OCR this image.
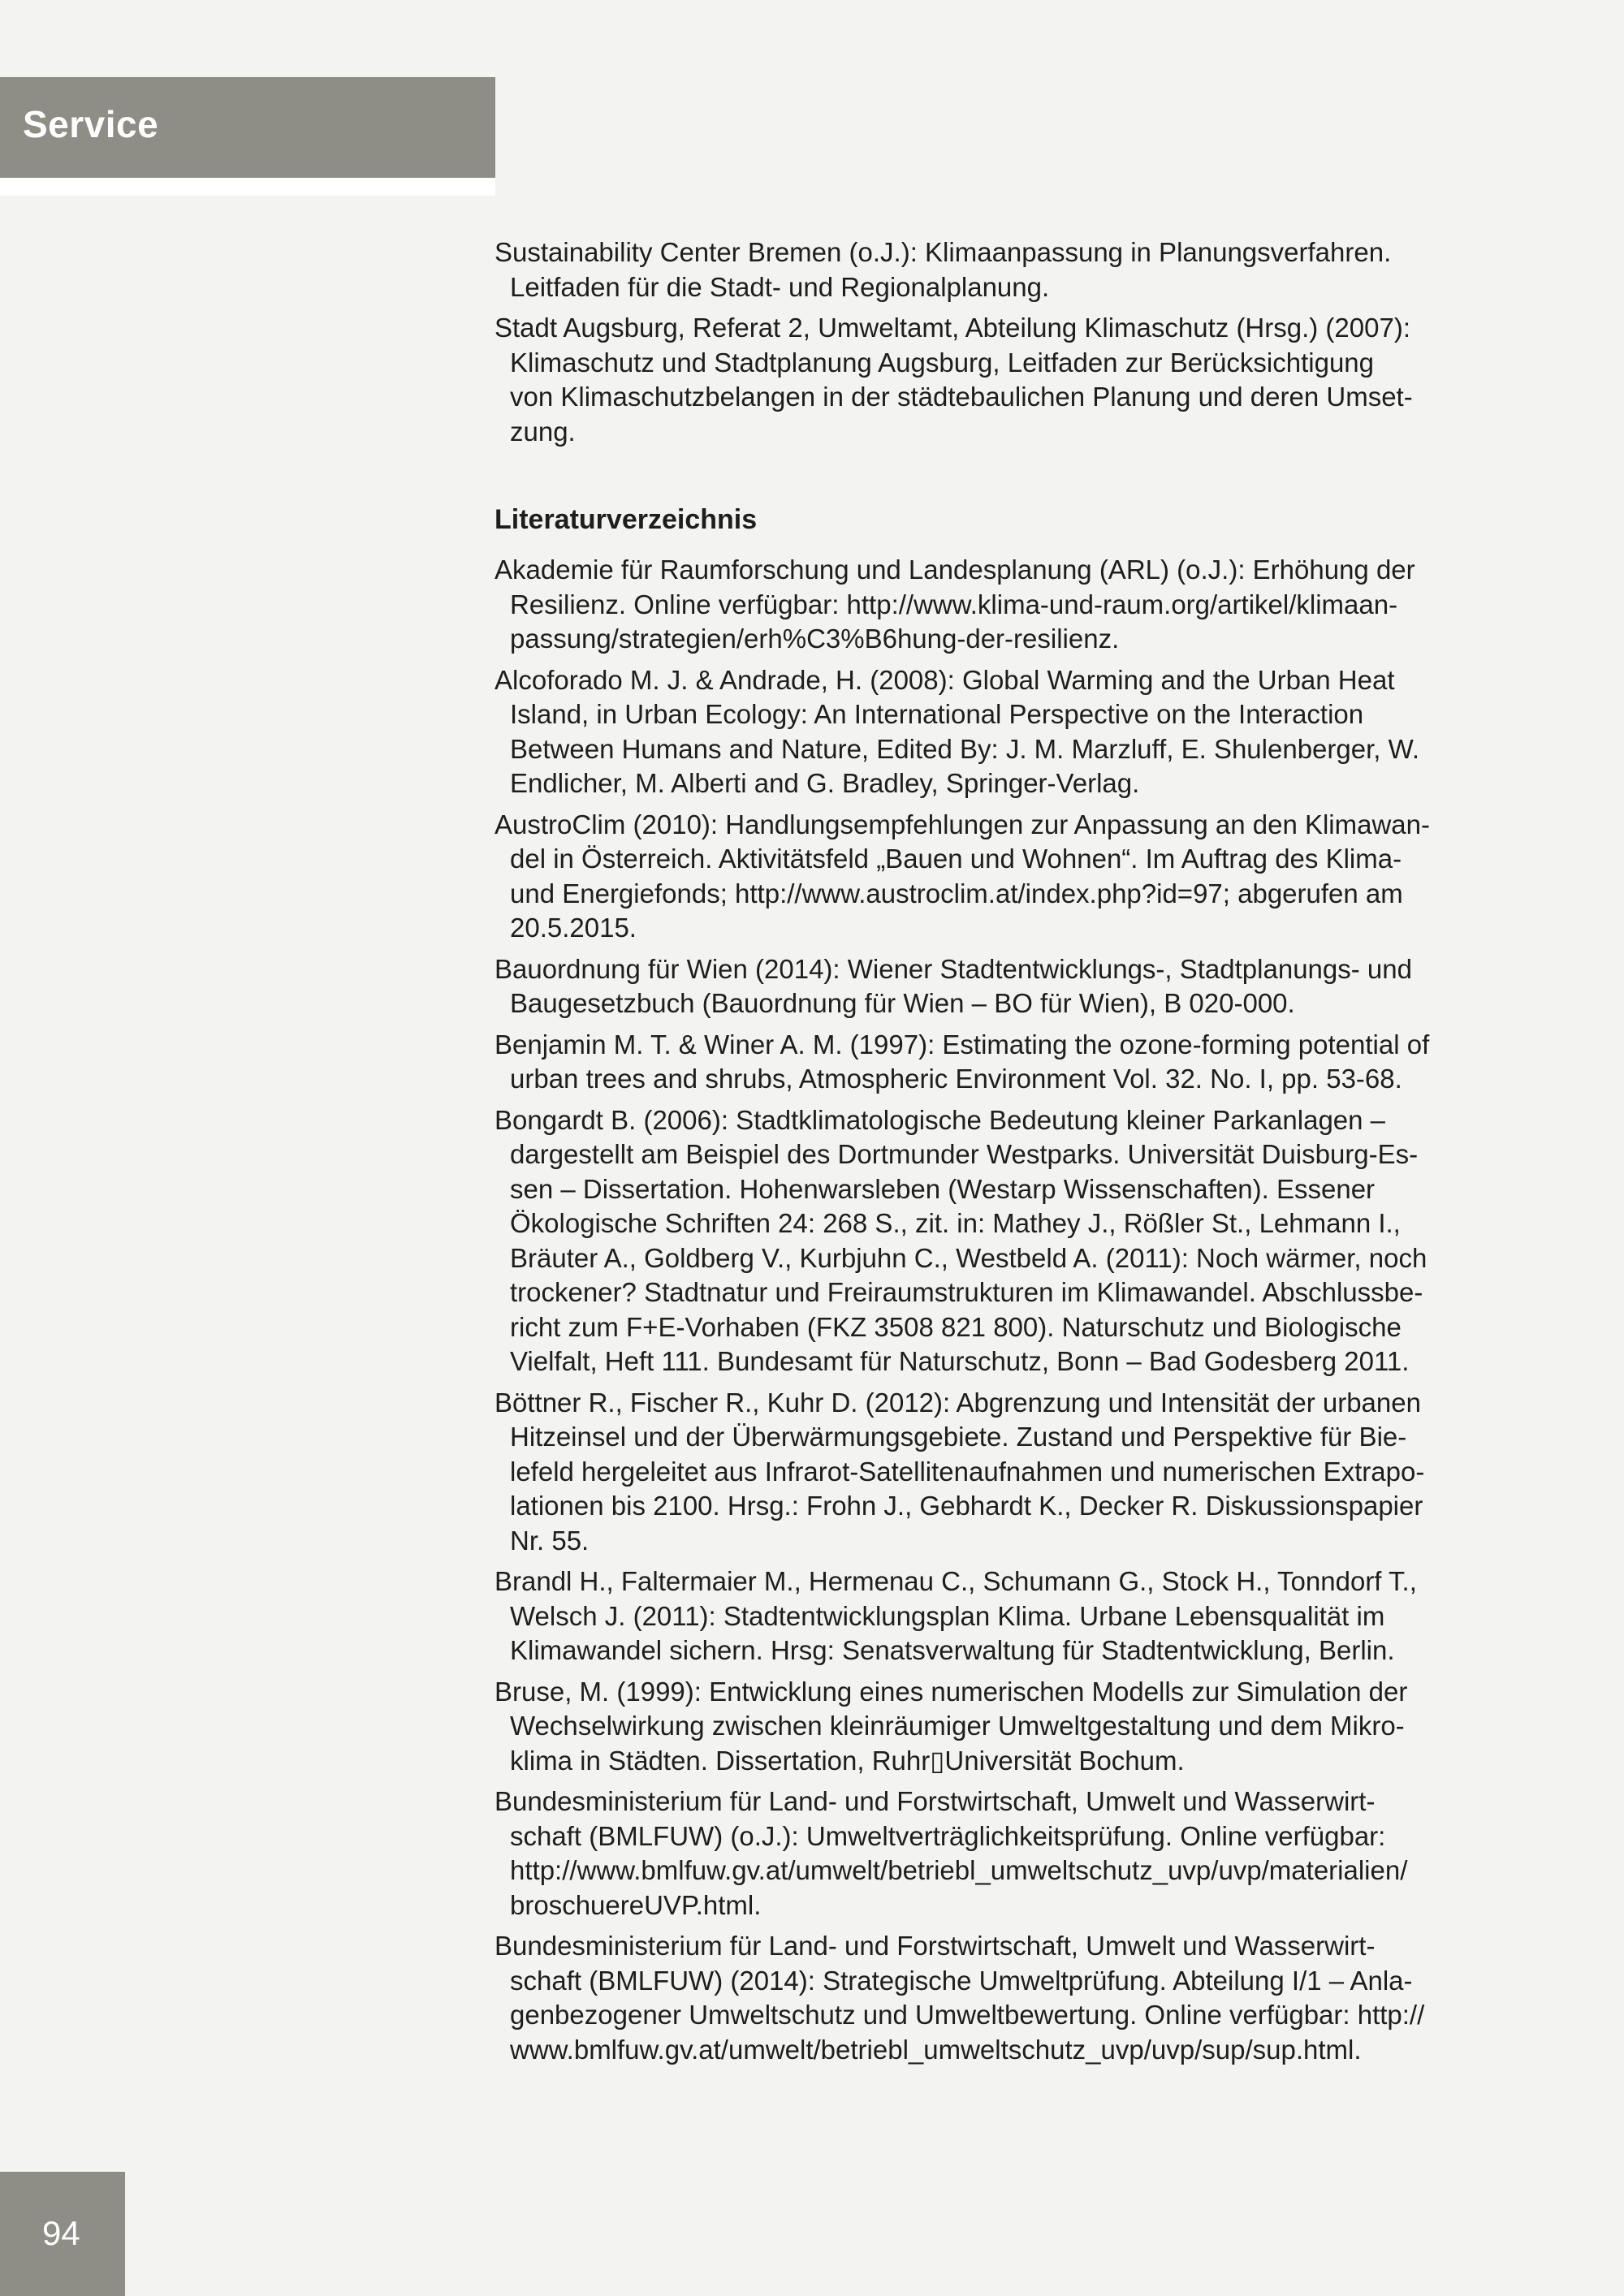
Service
Sustainability Center Bremen (o.J.): Klimaanpassung in Planungsverfahren.
Leitfaden für die Stadt- und Regionalplanung.
Stadt Augsburg, Referat 2, Umweltamt, Abteilung Klimaschutz (Hrsg.) (2007):
Klimaschutz und Stadtplanung Augsburg, Leitfaden zur Berücksichtigung
von Klimaschutzbelangen in der städtebaulichen Planung und deren Umset-
zung.
Literaturverzeichnis
Akademie für Raumforschung und Landesplanung (ARL) (o.J.): Erhöhung der
Resilienz. Online verfügbar: http://www.klima-und-raum.org/artikel/klimaan-
passung/strategien/erh%C3%B6hung-der-resilienz.
Alcoforado M. J. & Andrade, H. (2008): Global Warming and the Urban Heat
Island, in Urban Ecology: An International Perspective on the Interaction
Between Humans and Nature, Edited By: J. M. Marzluff, E. Shulenberger, W.
Endlicher, M. Alberti and G. Bradley, Springer-Verlag.
AustroClim (2010): Handlungsempfehlungen zur Anpassung an den Klimawan-
del in Österreich. Aktivitätsfeld „Bauen und Wohnen“. Im Auftrag des Klima-
und Energiefonds; http://www.austroclim.at/index.php?id=97; abgerufen am
20.5.2015.
Bauordnung für Wien (2014): Wiener Stadtentwicklungs-, Stadtplanungs- und
Baugesetzbuch (Bauordnung für Wien – BO für Wien), B 020-000.
Benjamin M. T. & Winer A. M. (1997): Estimating the ozone-forming potential of
urban trees and shrubs, Atmospheric Environment Vol. 32. No. I, pp. 53-68.
Bongardt B. (2006): Stadtklimatologische Bedeutung kleiner Parkanlagen –
dargestellt am Beispiel des Dortmunder Westparks. Universität Duisburg-Es-
sen – Dissertation. Hohenwarsleben (Westarp Wissenschaften). Essener
Ökologische Schriften 24: 268 S., zit. in: Mathey J., Rößler St., Lehmann I.,
Bräuter A., Goldberg V., Kurbjuhn C., Westbeld A. (2011): Noch wärmer, noch
trockener? Stadtnatur und Freiraumstrukturen im Klimawandel. Abschlussbe-
richt zum F+E-Vorhaben (FKZ 3508 821 800). Naturschutz und Biologische
Vielfalt, Heft 111. Bundesamt für Naturschutz, Bonn – Bad Godesberg 2011.
Böttner R., Fischer R., Kuhr D. (2012): Abgrenzung und Intensität der urbanen
Hitzeinsel und der Überwärmungsgebiete. Zustand und Perspektive für Bie-
lefeld hergeleitet aus Infrarot-Satellitenaufnahmen und numerischen Extrapo-
lationen bis 2100. Hrsg.: Frohn J., Gebhardt K., Decker R. Diskussionspapier
Nr. 55.
Brandl H., Faltermaier M., Hermenau C., Schumann G., Stock H., Tonndorf T.,
Welsch J. (2011): Stadtentwicklungsplan Klima. Urbane Lebensqualität im
Klimawandel sichern. Hrsg: Senatsverwaltung für Stadtentwicklung, Berlin.
Bruse, M. (1999): Entwicklung eines numerischen Modells zur Simulation der
Wechselwirkung zwischen kleinräumiger Umweltgestaltung und dem Mikro-
klima in Städten. Dissertation, Ruhr▯Universität Bochum.
Bundesministerium für Land- und Forstwirtschaft, Umwelt und Wasserwirt-
schaft (BMLFUW) (o.J.): Umweltverträglichkeitsprüfung. Online verfügbar:
http://www.bmlfuw.gv.at/umwelt/betriebl_umweltschutz_uvp/uvp/materialien/
broschuereUVP.html.
Bundesministerium für Land- und Forstwirtschaft, Umwelt und Wasserwirt-
schaft (BMLFUW) (2014): Strategische Umweltprüfung. Abteilung I/1 – Anla-
genbezogener Umweltschutz und Umweltbewertung. Online verfügbar: http://
www.bmlfuw.gv.at/umwelt/betriebl_umweltschutz_uvp/uvp/sup/sup.html.
94
